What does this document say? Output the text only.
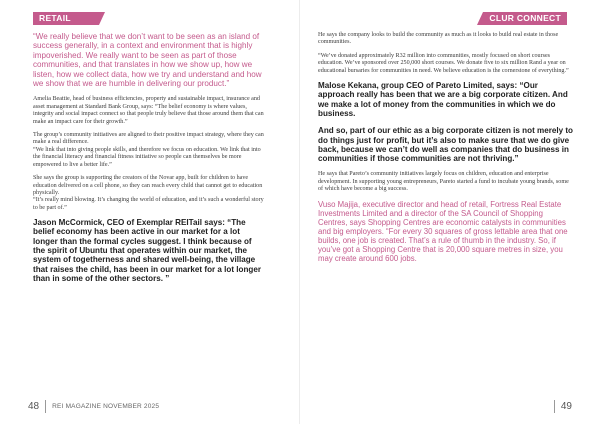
RETAIL

“We really believe that we don’t want to be seen as an island of success generally, in a context and environment that is highly impoverished. We really want to be seen as part of those communities, and that translates in how we show up, how we listen, how we collect data, how we try and understand and how we show that we are humble in delivering our product.”

Amelia Beattie, head of business efficiencies, property and sustainable impact, insurance and asset management at Standard Bank Group, says: “The belief economy is where values, integrity and social impact connect so that people truly believe that those around them that can make an impact care for their growth.”

The group’s community initiatives are aligned to their positive impact strategy, where they can make a real difference.

“We link that into giving people skills, and therefore we focus on education. We link that into the financial literacy and financial fitness initiative so people can themselves be more empowered to live a better life.”

She says the group is supporting the creators of the Novar app, built for children to have education delivered on a cell phone, so they can reach every child that cannot get to education physically.

“It’s really mind blowing. It’s changing the world of education, and it’s such a wonderful story to be part of.”

Jason McCormick, CEO of Exemplar REITail says: “The belief economy has been active in our market for a lot longer than the formal cycles suggest. I think because of the spirit of Ubuntu that operates within our market, the system of togetherness and shared well-being, the village that raises the child, has been in our market for a lot longer than in some of the other sectors. ”

48 REI MAGAZINE NOVEMBER 2025
CLUR CONNECT

He says the company looks to build the community as much as it looks to build real estate in those communities.

“We’ve donated approximately R32 million into communities, mostly focused on short courses education. We’ve sponsored over 250,000 short courses. We donate five to six million Rand a year on educational bursaries for communities in need. We believe education is the cornerstone of everything.”

Malose Kekana, group CEO of Pareto Limited, says: “Our approach really has been that we are a big corporate citizen. And we make a lot of money from the communities in which we do business.

And so, part of our ethic as a big corporate citizen is not merely to do things just for profit, but it’s also to make sure that we do give back, because we can’t do well as companies that do business in communities if those communities are not thriving.”

He says that Pareto’s community initiatives largely focus on children, education and enterprise development. In supporting young entrepreneurs, Pareto started a fund to incubate young brands, some of which have become a big success.

Vuso Majija, executive director and head of retail, Fortress Real Estate Investments Limited and a director of the SA Council of Shopping Centres, says Shopping Centres are economic catalysts in communities and big employers. “For every 30 squares of gross lettable area that one builds, one job is created. That’s a rule of thumb in the industry. So, if you’ve got a Shopping Centre that is 20,000 square metres in size, you may create around 600 jobs.

49
